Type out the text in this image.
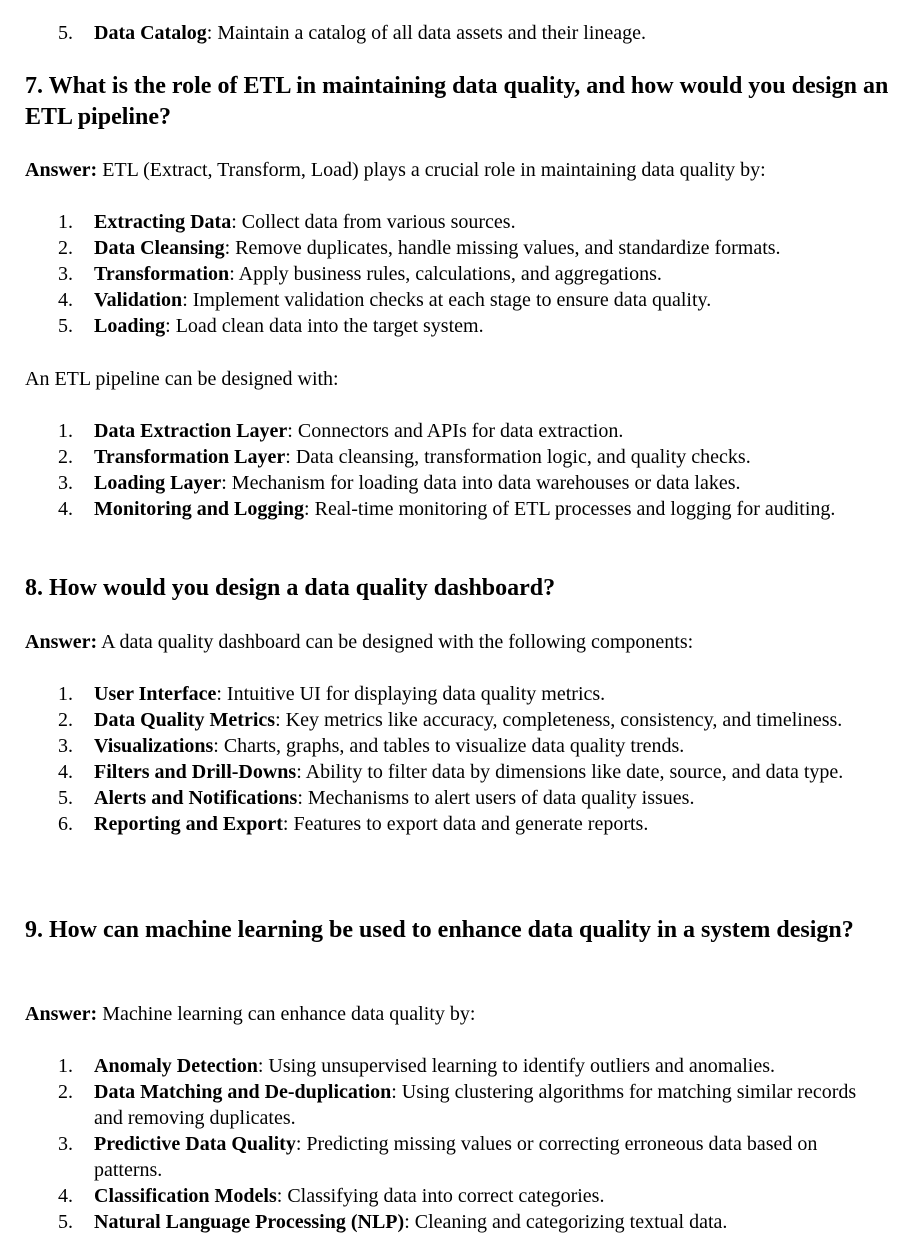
5. Data Catalog: Maintain a catalog of all data assets and their lineage.
7. What is the role of ETL in maintaining data quality, and how would you design an ETL pipeline?

Answer: ETL (Extract, Transform, Load) plays a crucial role in maintaining data quality by:

1. Extracting Data: Collect data from various sources.
2. Data Cleansing: Remove duplicates, handle missing values, and standardize formats.
3. Transformation: Apply business rules, calculations, and aggregations.
4. Validation: Implement validation checks at each stage to ensure data quality.
5. Loading: Load clean data into the target system.

An ETL pipeline can be designed with:

1. Data Extraction Layer: Connectors and APIs for data extraction.
2. Transformation Layer: Data cleansing, transformation logic, and quality checks.
3. Loading Layer: Mechanism for loading data into data warehouses or data lakes.
4. Monitoring and Logging: Real-time monitoring of ETL processes and logging for auditing.
8. How would you design a data quality dashboard?

Answer: A data quality dashboard can be designed with the following components:

1. User Interface: Intuitive UI for displaying data quality metrics.
2. Data Quality Metrics: Key metrics like accuracy, completeness, consistency, and timeliness.
3. Visualizations: Charts, graphs, and tables to visualize data quality trends.
4. Filters and Drill-Downs: Ability to filter data by dimensions like date, source, and data type.
5. Alerts and Notifications: Mechanisms to alert users of data quality issues.
6. Reporting and Export: Features to export data and generate reports.
9. How can machine learning be used to enhance data quality in a system design?

Answer: Machine learning can enhance data quality by:

1. Anomaly Detection: Using unsupervised learning to identify outliers and anomalies.
2. Data Matching and De-duplication: Using clustering algorithms for matching similar records and removing duplicates.
3. Predictive Data Quality: Predicting missing values or correcting erroneous data based on patterns.
4. Classification Models: Classifying data into correct categories.
5. Natural Language Processing (NLP): Cleaning and categorizing textual data.
